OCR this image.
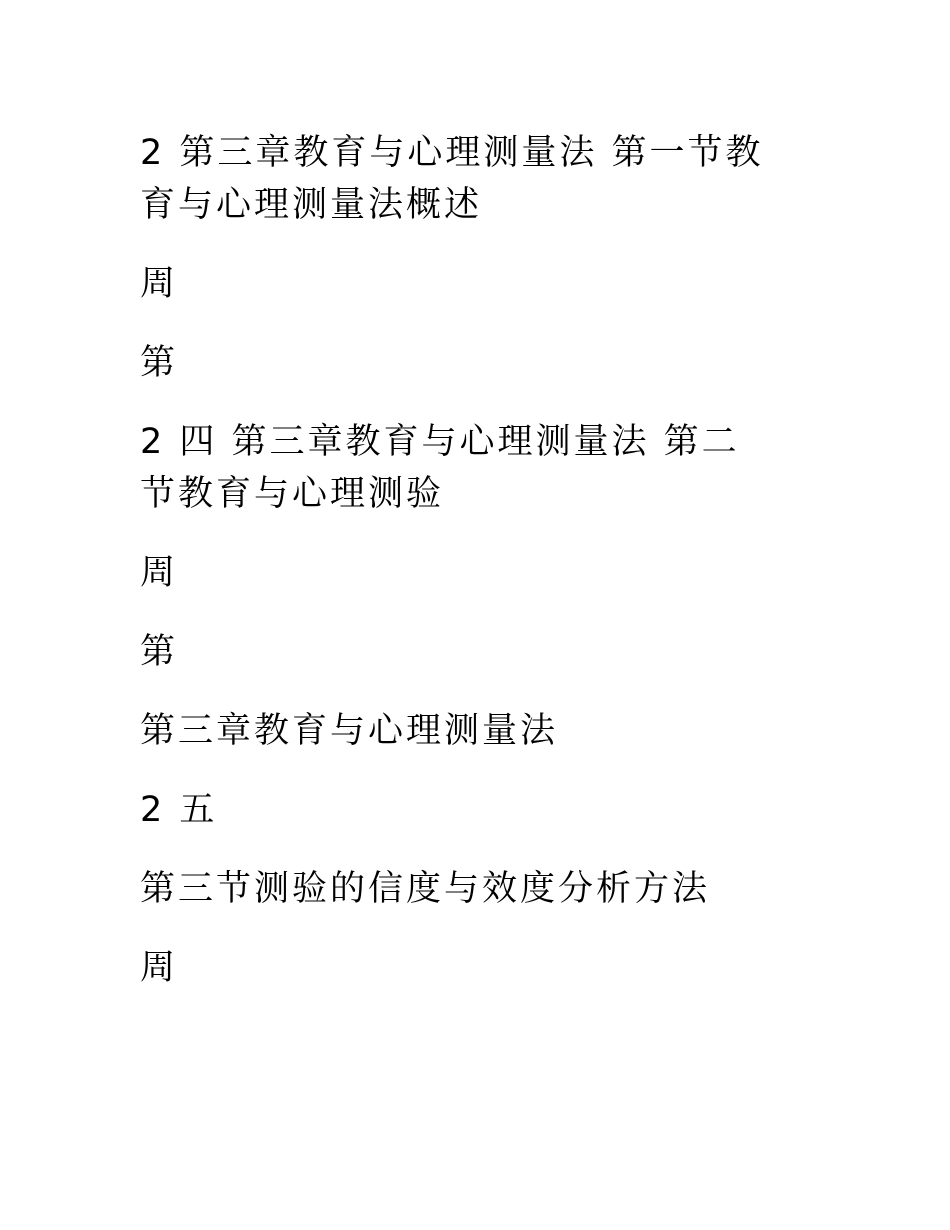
2 第三章教育与心理测量法 第一节教

育与心理测量法概述

周

第

2 四 第三章教育与心理测量法 第二

节教育与心理测验

周

第

第三章教育与心理测量法

2 五

第三节测验的信度与效度分析方法

周
